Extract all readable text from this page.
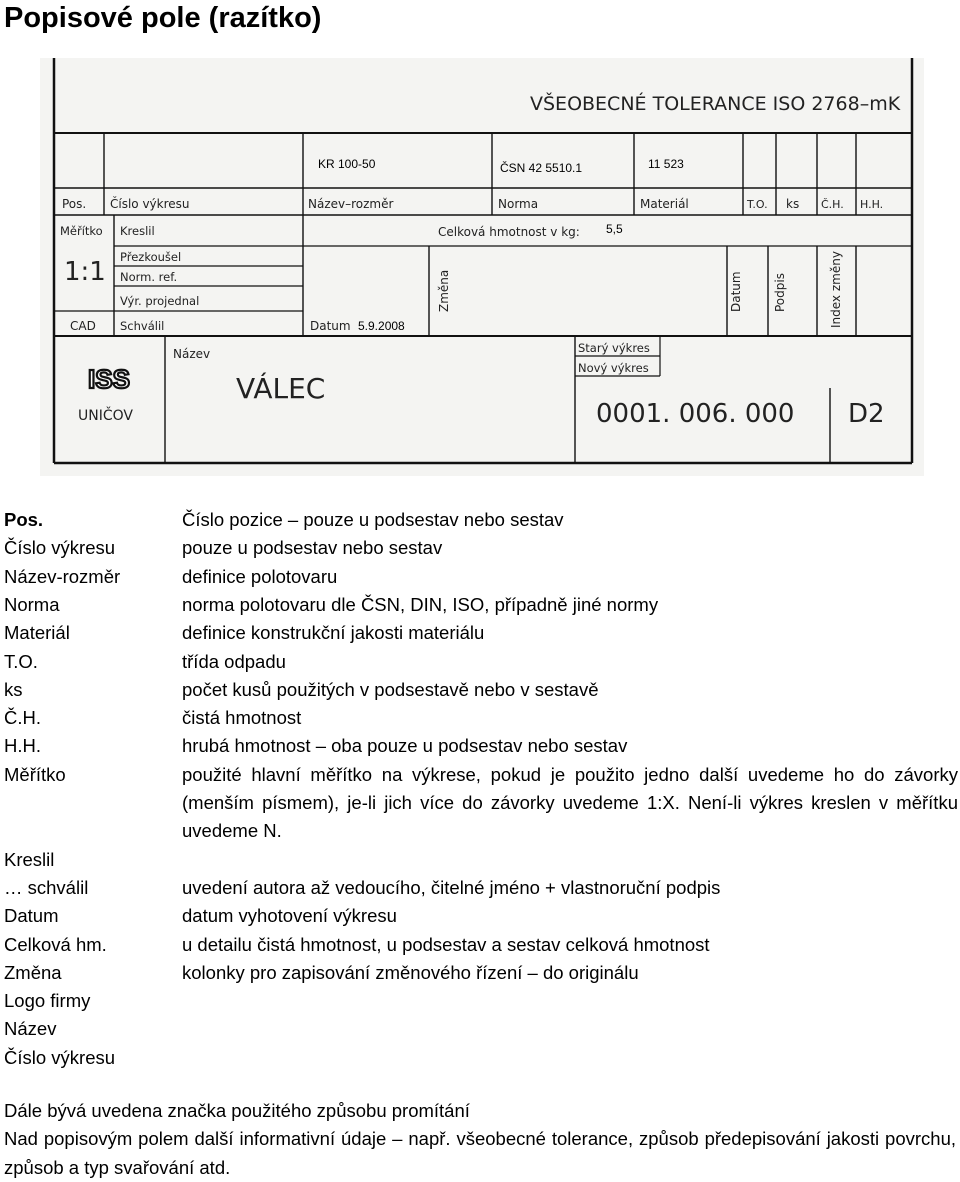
Popisové pole (razítko)
VŠEOBECNÉ TOLERANCE ISO 2768–mK
KR 100-50	ČSN 42 5510.1	11 523
Pos. Číslo výkresu	Název–rozměr	Norma	Materiál	T.O. ks Č.H. H.H.
Měřítko Kreslil
Přezkoušel
Norm. ref.
Výr. projednal
Schválil
1:1
CAD
Celková hmotnost v kg: 5,5
Datum 5.9.2008
Změna	Datum	Podpis	Index změny
Název
VÁLEC
ISS
UNIČOV
Starý výkres
Nový výkres
0001. 006. 000 D2
Pos.	Číslo pozice – pouze u podsestav nebo sestav
Číslo výkresu	pouze u podsestav nebo sestav
Název-rozměr	definice polotovaru
Norma	norma polotovaru dle ČSN, DIN, ISO, případně jiné normy
Materiál	definice konstrukční jakosti materiálu
T.O.	třída odpadu
ks	počet kusů použitých v podsestavě nebo v sestavě
Č.H.	čistá hmotnost
H.H.	hrubá hmotnost – oba pouze u podsestav nebo sestav
Měřítko	použité hlavní měřítko na výkrese, pokud je použito jedno další uvedeme ho do závorky (menším písmem), je-li jich více do závorky uvedeme 1:X. Není-li výkres kreslen v měřítku uvedeme N.
Kreslil
… schválil	uvedení autora až vedoucího, čitelné jméno + vlastnoruční podpis
Datum	datum vyhotovení výkresu
Celková hm.	u detailu čistá hmotnost, u podsestav a sestav celková hmotnost
Změna	kolonky pro zapisování změnového řízení – do originálu
Logo firmy
Název
Číslo výkresu

Dále bývá uvedena značka použitého způsobu promítání

Nad popisovým polem další informativní údaje – např. všeobecné tolerance, způsob předepisování jakosti povrchu, způsob a typ svařování atd.
